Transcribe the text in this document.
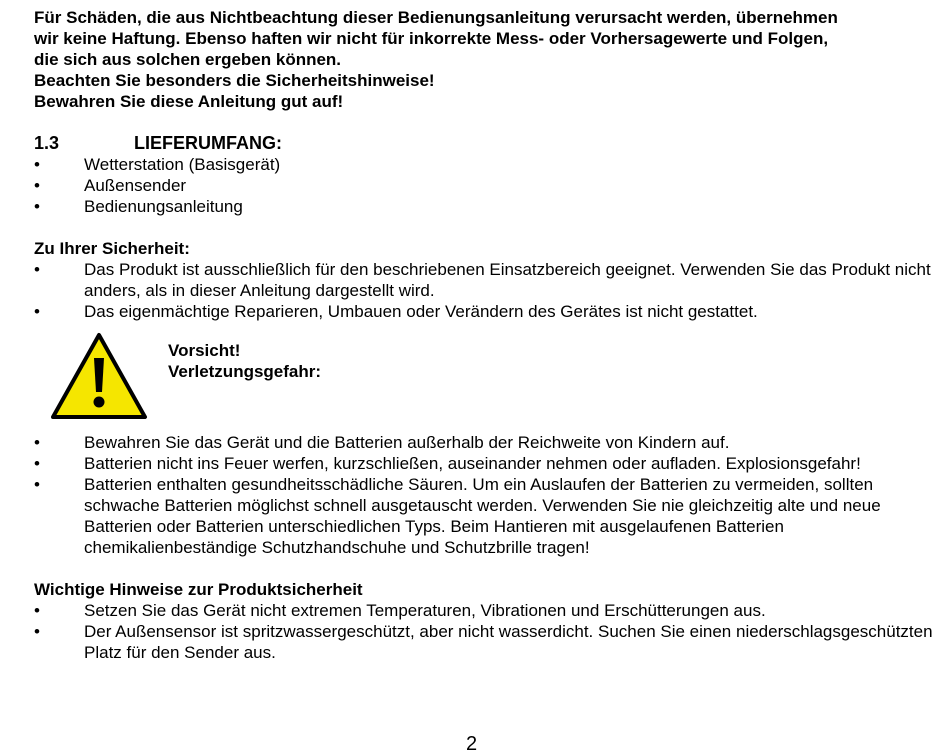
Für Schäden, die aus Nichtbeachtung dieser Bedienungsanleitung verursacht werden, übernehmen

wir keine Haftung. Ebenso haften wir nicht für inkorrekte Mess- oder Vorhersagewerte und Folgen,

die sich aus solchen ergeben können.

Beachten Sie besonders die Sicherheitshinweise!

Bewahren Sie diese Anleitung gut auf!

1.3	LIEFERUMFANG:
• Wetterstation (Basisgerät)
• Außensender
• Bedienungsanleitung
Zu Ihrer Sicherheit:
• Das Produkt ist ausschließlich für den beschriebenen Einsatzbereich geeignet. Verwenden Sie das Produkt nicht anders, als in dieser Anleitung dargestellt wird.
• Das eigenmächtige Reparieren, Umbauen oder Verändern des Gerätes ist nicht gestattet.
Vorsicht!
Verletzungsgefahr:
• Bewahren Sie das Gerät und die Batterien außerhalb der Reichweite von Kindern auf.
• Batterien nicht ins Feuer werfen, kurzschließen, auseinander nehmen oder aufladen. Explosionsgefahr!
• Batterien enthalten gesundheitsschädliche Säuren. Um ein Auslaufen der Batterien zu vermeiden, sollten schwache Batterien möglichst schnell ausgetauscht werden. Verwenden Sie nie gleichzeitig alte und neue Batterien oder Batterien unterschiedlichen Typs. Beim Hantieren mit ausgelaufenen Batterien chemikalienbeständige Schutzhandschuhe und Schutzbrille tragen!
Wichtige Hinweise zur Produktsicherheit
• Setzen Sie das Gerät nicht extremen Temperaturen, Vibrationen und Erschütterungen aus.
• Der Außensensor ist spritzwassergeschützt, aber nicht wasserdicht. Suchen Sie einen niederschlagsgeschützten Platz für den Sender aus.
2
